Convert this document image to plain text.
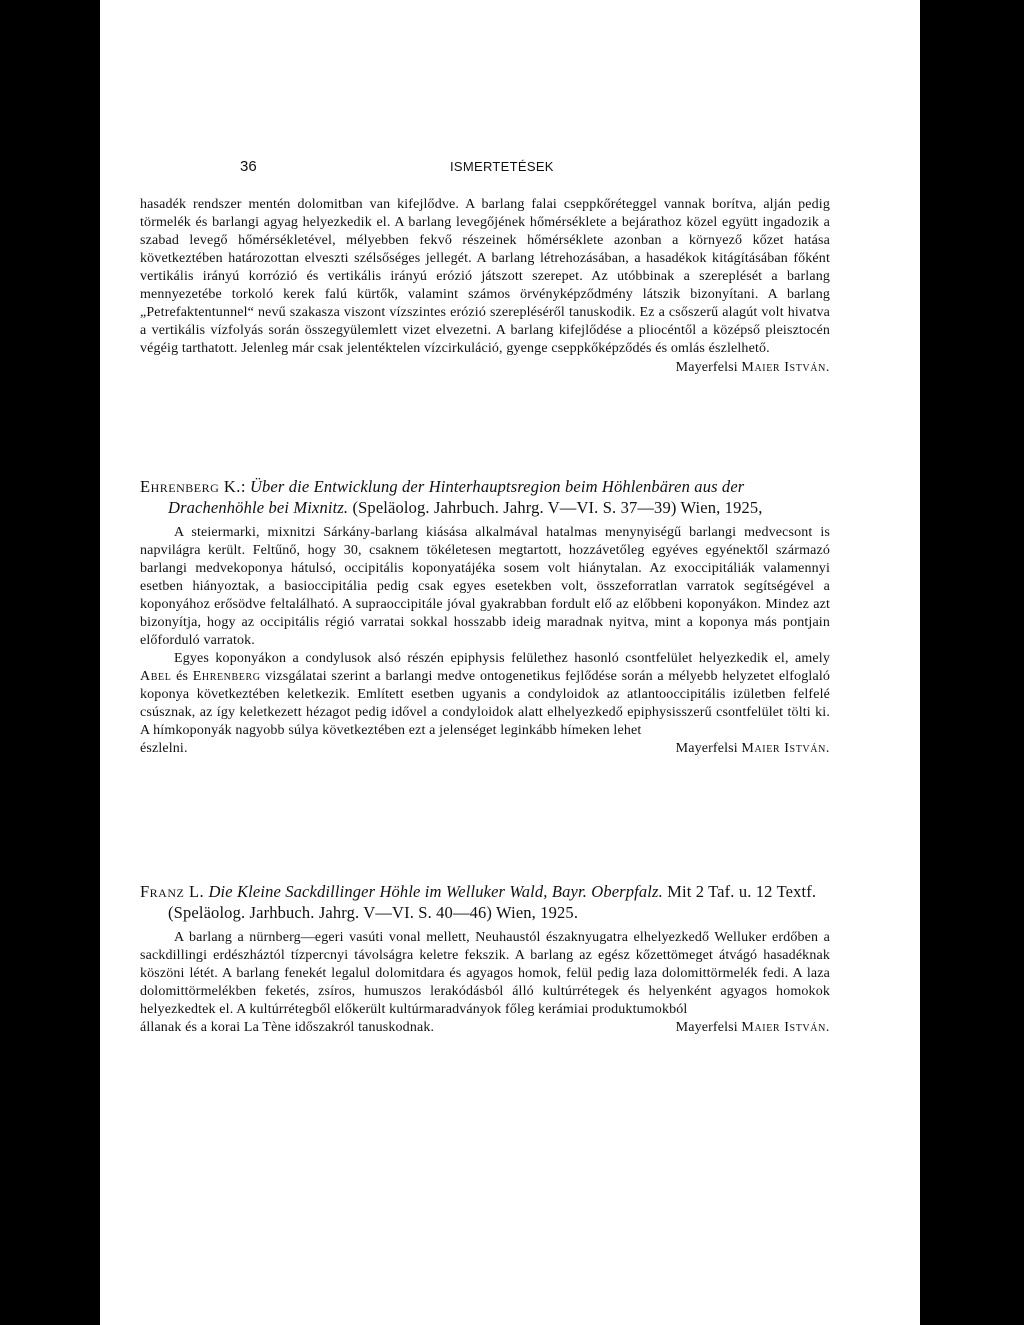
36	ISMERTETÉSEK

hasadék rendszer mentén dolomitban van kifejlődve. A barlang falai cseppkőréteggel vannak borítva, alján pedig törmelék és barlangi agyag helyezkedik el. A barlang levegőjének hőmérséklete a bejárathoz közel együtt ingadozik a szabad levegő hőmérsékletével, mélyebben fekvő részeinek hőmérséklete azonban a környező kőzet hatása következtében határozottan elveszti szélsőséges jellegét. A barlang létrehozásában, a hasadékok kitágításában főként vertikális irányú korrózió és vertikális irányú erózió játszott szerepet. Az utóbbinak a szereplését a barlang mennyezetébe torkoló kerek falú kürtők, valamint számos örvényképződmény látszik bizonyítani. A barlang „Petrefaktentunnel“ nevű szakasza viszont vízszintes erózió szerepléséről tanuskodik. Ez a csőszerű alagút volt hivatva a vertikális vízfolyás során összegyülemlett vizet elvezetni. A barlang kifejlődése a pliocéntől a középső pleisztocén végéig tarthatott. Jelenleg már csak jelentéktelen vízcirkuláció, gyenge cseppkőképződés és omlás észlelhető.

Mayerfelsi Maier István.

Ehrenberg K.: Über die Entwicklung der Hinterhauptsregion beim Höhlenbären aus der Drachenhöhle bei Mixnitz. (Speläolog. Jahrbuch. Jahrg. V—VI. S. 37—39) Wien, 1925,

A steiermarki, mixnitzi Sárkány-barlang kiásása alkalmával hatalmas menynyiségű barlangi medvecsont is napvilágra került. Feltűnő, hogy 30, csaknem tökéletesen megtartott, hozzávetőleg egyéves egyénektől származó barlangi medvekoponya hátulsó, occipitális koponyatájéka sosem volt hiánytalan. Az exoccipitáliák valamennyi esetben hiányoztak, a basioccipitália pedig csak egyes esetekben volt, összeforratlan varratok segítségével a koponyához erősödve feltalálható. A supraoccipitále jóval gyakrabban fordult elő az előbbeni koponyákon. Mindez azt bizonyítja, hogy az occipitális régió varratai sokkal hosszabb ideig maradnak nyitva, mint a koponya más pontjain előforduló varratok.

Egyes koponyákon a condylusok alsó részén epiphysis felülethez hasonló csontfelület helyezkedik el, amely Abel és Ehrenberg vizsgálatai szerint a barlangi medve ontogenetikus fejlődése során a mélyebb helyzetet elfoglaló koponya következtében keletkezik. Említett esetben ugyanis a condyloidok az atlantooccipitális izületben felfelé csúsznak, az így keletkezett hézagot pedig idővel a condyloidok alatt elhelyezkedő epiphysisszerű csontfelület tölti ki. A hímkoponyák nagyobb súlya következtében ezt a jelenséget leginkább hímeken lehet

észlelni.	Mayerfelsi Maier István.

Franz L. Die Kleine Sackdillinger Höhle im Welluker Wald, Bayr. Oberpfalz. Mit 2 Taf. u. 12 Textf. (Speläolog. Jarhbuch. Jahrg. V—VI. S. 40—46) Wien, 1925.

A barlang a nürnberg—egeri vasúti vonal mellett, Neuhaustól északnyugatra elhelyezkedő Welluker erdőben a sackdillingi erdészháztól tízpercnyi távolságra keletre fekszik. A barlang az egész kőzettömeget átvágó hasadéknak köszöni létét. A barlang fenekét legalul dolomitdara és agyagos homok, felül pedig laza dolomittörmelék fedi. A laza dolomittörmelékben feketés, zsíros, humuszos lerakódásból álló kultúrrétegek és helyenként agyagos homokok helyezkedtek el. A kultúrrétegből előkerült kultúrmaradványok főleg kerámiai produktumokból

állanak és a korai La Tène időszakról tanuskodnak.	Mayerfelsi Maier István.
